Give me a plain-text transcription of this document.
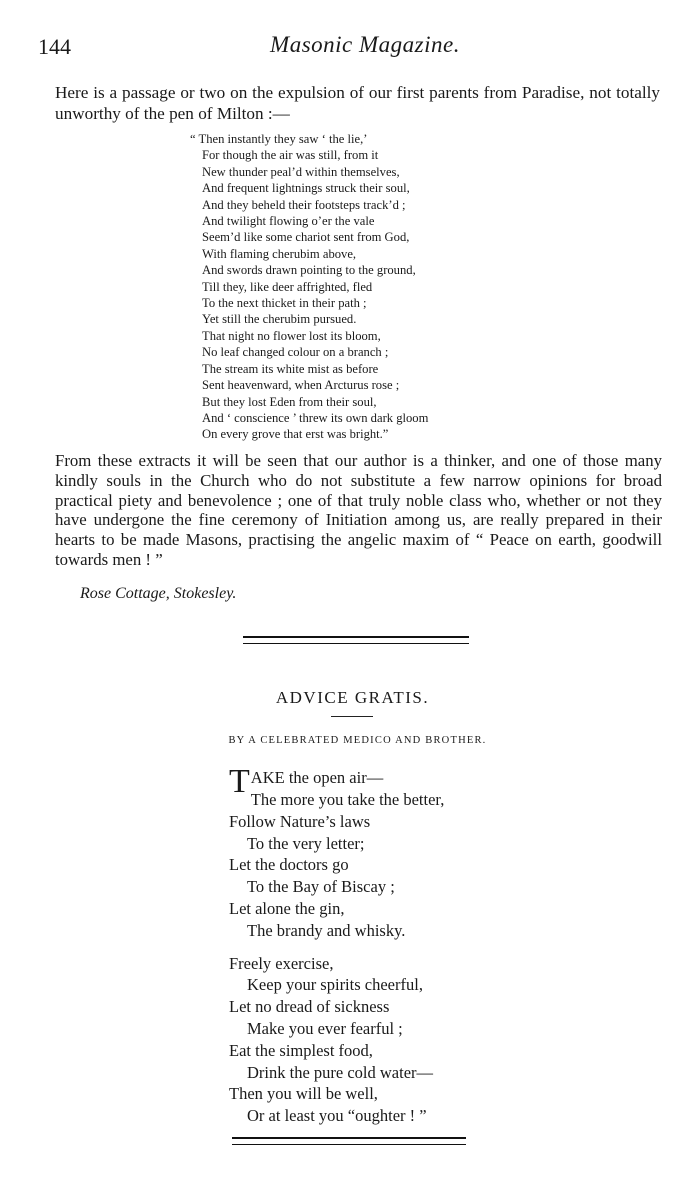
144	Masonic Magazine.
Here is a passage or two on the expulsion of our first parents from Paradise, not totally unworthy of the pen of Milton :—
“ Then instantly they saw ‘ the lie,’
For though the air was still, from it
New thunder peal’d within themselves,
And frequent lightnings struck their soul,
And they beheld their footsteps track’d ;
And twilight flowing o’er the vale
Seem’d like some chariot sent from God,
With flaming cherubim above,
And swords drawn pointing to the ground,
Till they, like deer affrighted, fled
To the next thicket in their path ;
Yet still the cherubim pursued.
That night no flower lost its bloom,
No leaf changed colour on a branch ;
The stream its white mist as before
Sent heavenward, when Arcturus rose ;
But they lost Eden from their soul,
And ‘ conscience ’ threw its own dark gloom
On every grove that erst was bright.”
From these extracts it will be seen that our author is a thinker, and one of those many kindly souls in the Church who do not substitute a few narrow opinions for broad practical piety and benevolence ; one of that truly noble class who, whether or not they have undergone the fine ceremony of Initiation among us, are really prepared in their hearts to be made Masons, practising the angelic maxim of “ Peace on earth, goodwill towards men ! ”
Rose Cottage, Stokesley.
ADVICE GRATIS.
BY A CELEBRATED MEDICO AND BROTHER.
TAKE the open air—
The more you take the better,
Follow Nature’s laws
To the very letter;
Let the doctors go
To the Bay of Biscay ;
Let alone the gin,
The brandy and whisky.
Freely exercise,
Keep your spirits cheerful,
Let no dread of sickness
Make you ever fearful ;
Eat the simplest food,
Drink the pure cold water—
Then you will be well,
Or at least you “oughter ! ”
